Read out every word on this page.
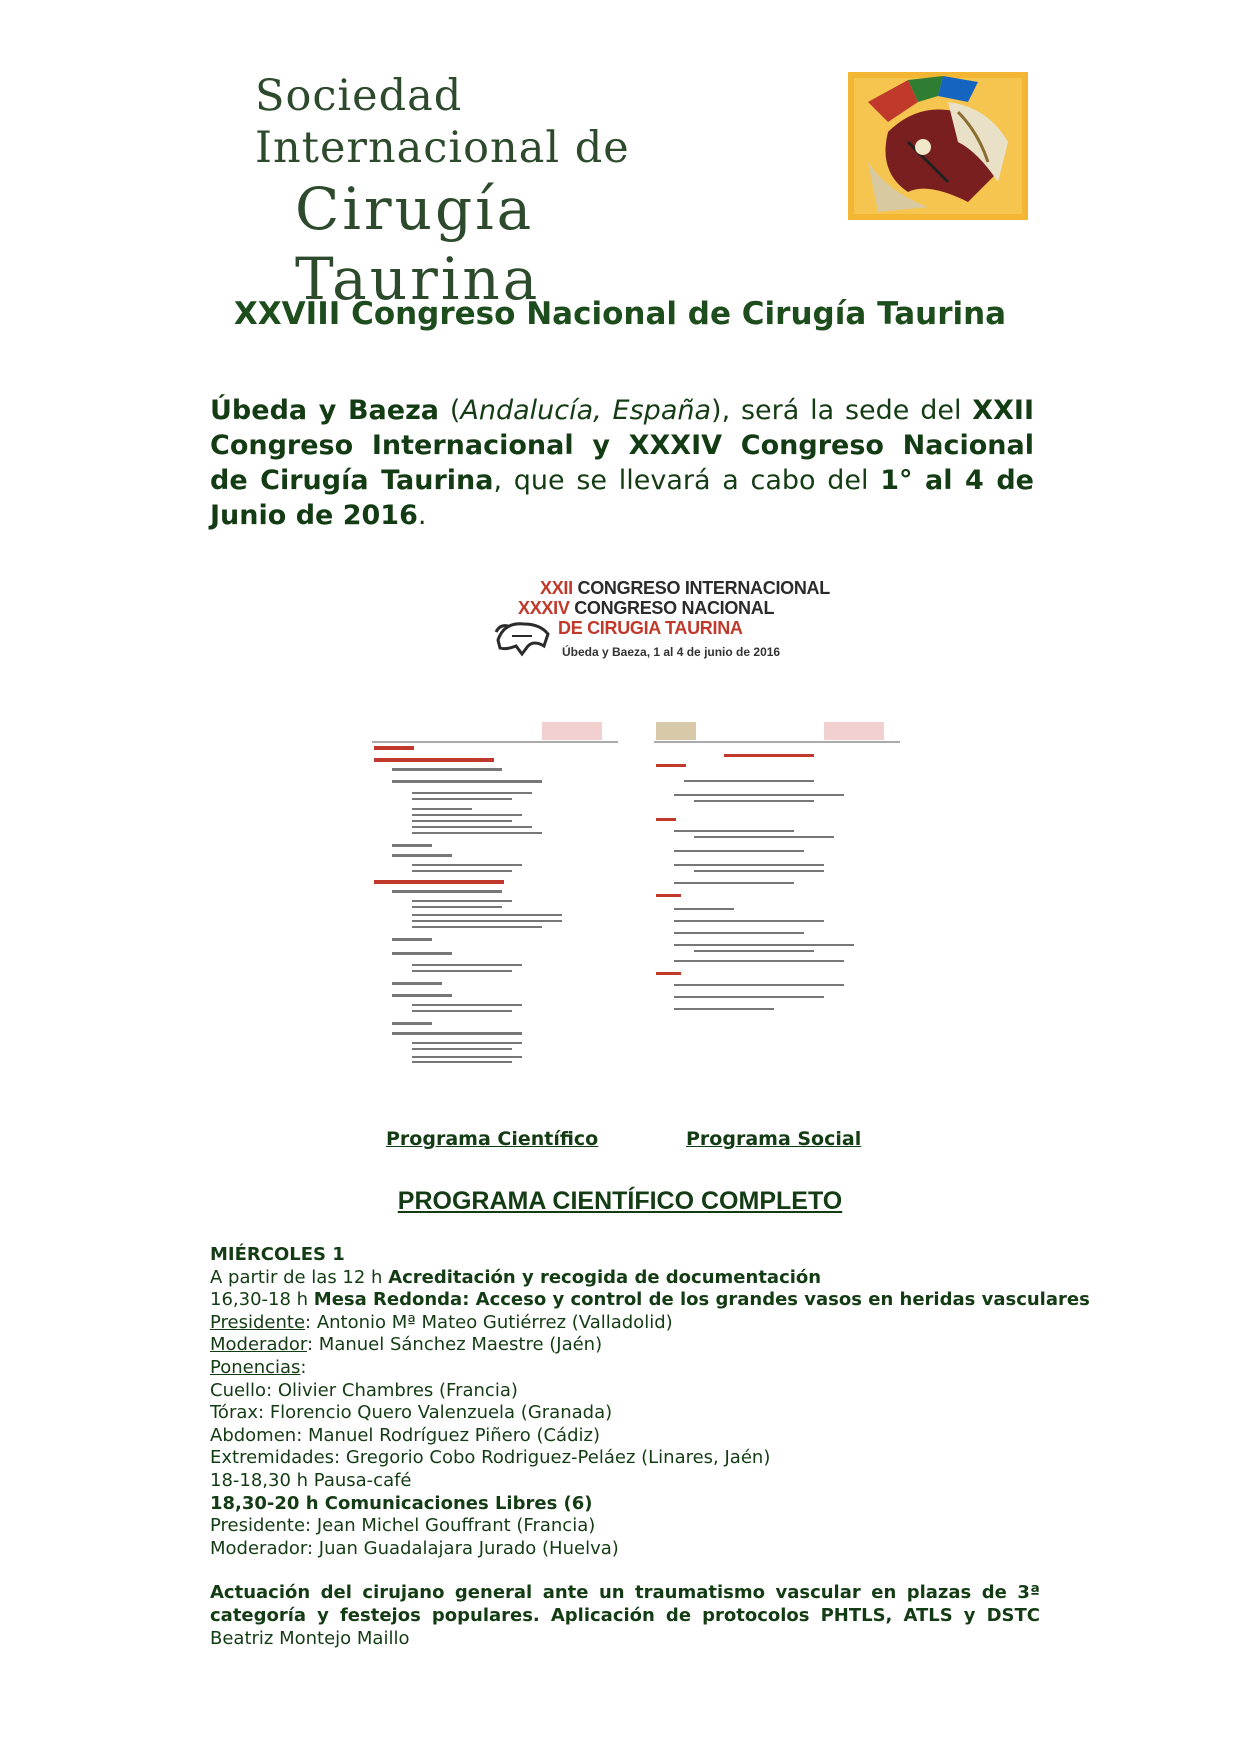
Sociedad Internacional de
Cirugía Taurina
XXVIII Congreso Nacional de Cirugía Taurina
Úbeda y Baeza (Andalucía, España), será la sede del XXII Congreso Internacional y XXXIV Congreso Nacional de Cirugía Taurina, que se llevará a cabo del 1° al 4 de Junio de 2016.
XXII CONGRESO INTERNACIONAL
XXXIV CONGRESO NACIONAL
DE CIRUGIA TAURINA
Úbeda y Baeza, 1 al 4 de junio de 2016
Programa Científico	Programa Social
PROGRAMA CIENTÍFICO COMPLETO
MIÉRCOLES 1
A partir de las 12 h Acreditación y recogida de documentación
16,30-18 h Mesa Redonda: Acceso y control de los grandes vasos en heridas vasculares
Presidente: Antonio Mª Mateo Gutiérrez (Valladolid)
Moderador: Manuel Sánchez Maestre (Jaén)
Ponencias:
Cuello: Olivier Chambres (Francia)
Tórax: Florencio Quero Valenzuela (Granada)
Abdomen: Manuel Rodríguez Piñero (Cádiz)
Extremidades: Gregorio Cobo Rodriguez-Peláez (Linares, Jaén)
18-18,30 h Pausa-café
18,30-20 h Comunicaciones Libres (6)
Presidente: Jean Michel Gouffrant (Francia)
Moderador: Juan Guadalajara Jurado (Huelva)
Actuación del cirujano general ante un traumatismo vascular en plazas de 3ª categoría y festejos populares. Aplicación de protocolos PHTLS, ATLS y DSTC Beatriz Montejo Maillo
